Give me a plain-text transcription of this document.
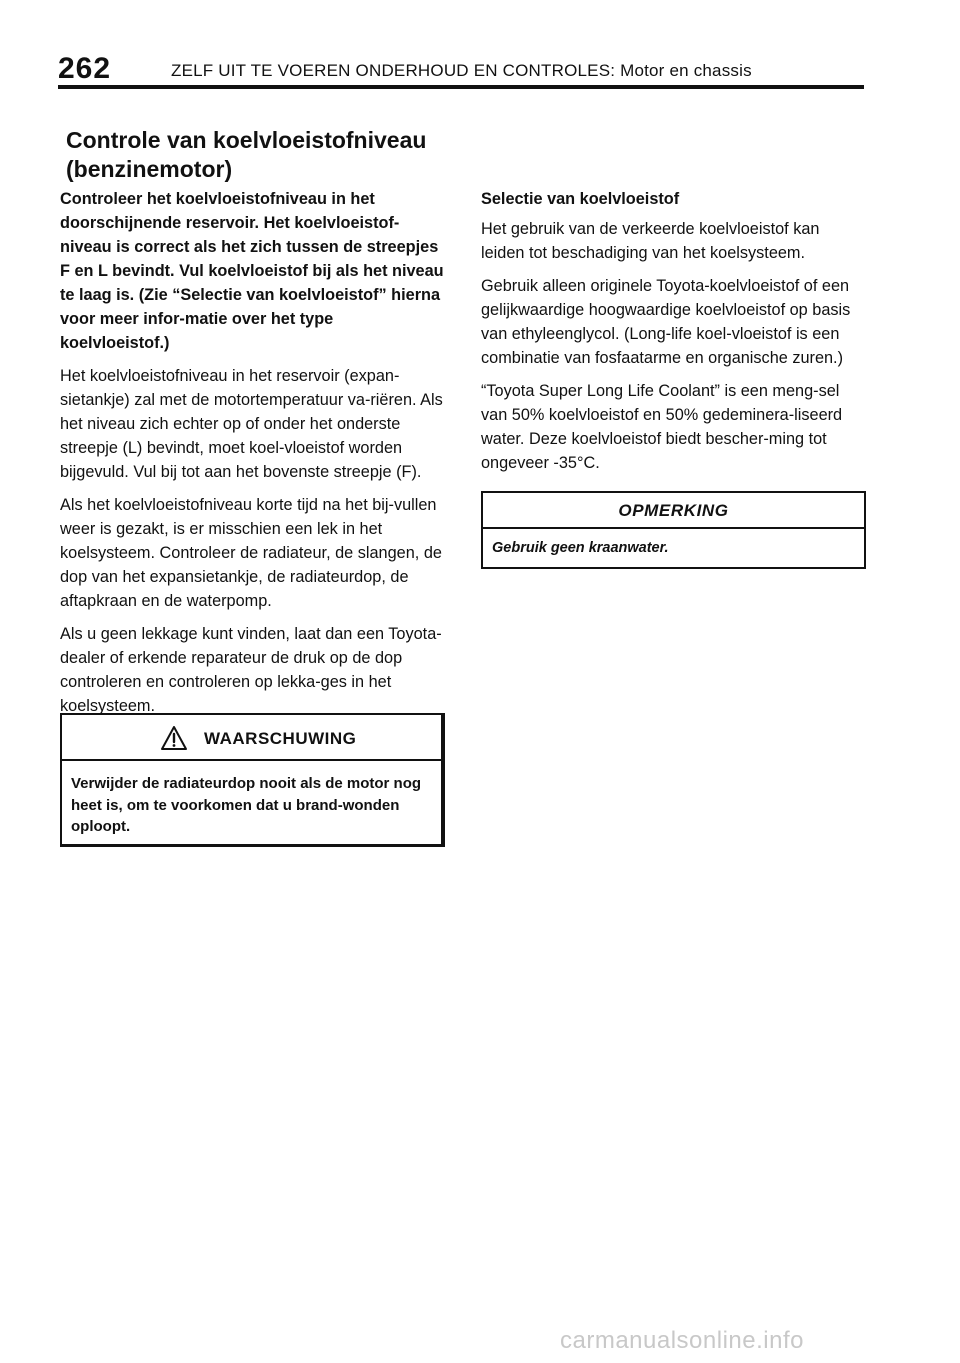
262	ZELF UIT TE VOEREN ONDERHOUD EN CONTROLES: Motor en chassis
Controle van koelvloeistofniveau (benzinemotor)

Controleer het koelvloeistofniveau in het doorschijnende reservoir. Het koelvloeistof-niveau is correct als het zich tussen de streepjes F en L bevindt. Vul koelvloeistof bij als het niveau te laag is. (Zie “Selectie van koelvloeistof” hierna voor meer infor-matie over het type koelvloeistof.)

Het koelvloeistofniveau in het reservoir (expan-sietankje) zal met de motortemperatuur va-riëren. Als het niveau zich echter op of onder het onderste streepje (L) bevindt, moet koel-vloeistof worden bijgevuld. Vul bij tot aan het bovenste streepje (F).

Als het koelvloeistofniveau korte tijd na het bij-vullen weer is gezakt, is er misschien een lek in het koelsysteem. Controleer de radiateur, de slangen, de dop van het expansietankje, de radiateurdop, de aftapkraan en de waterpomp.

Als u geen lekkage kunt vinden, laat dan een Toyota-dealer of erkende reparateur de druk op de dop controleren en controleren op lekka-ges in het koelsysteem.

WAARSCHUWING
Verwijder de radiateurdop nooit als de motor nog heet is, om te voorkomen dat u brand-wonden oploopt.

Selectie van koelvloeistof

Het gebruik van de verkeerde koelvloeistof kan leiden tot beschadiging van het koelsysteem.

Gebruik alleen originele Toyota-koelvloeistof of een gelijkwaardige hoogwaardige koelvloeistof op basis van ethyleenglycol. (Long-life koel-vloeistof is een combinatie van fosfaatarme en organische zuren.)

“Toyota Super Long Life Coolant” is een meng-sel van 50% koelvloeistof en 50% gedeminera-liseerd water. Deze koelvloeistof biedt bescher-ming tot ongeveer -35°C.

OPMERKING
Gebruik geen kraanwater.
carmanualsonline.info
